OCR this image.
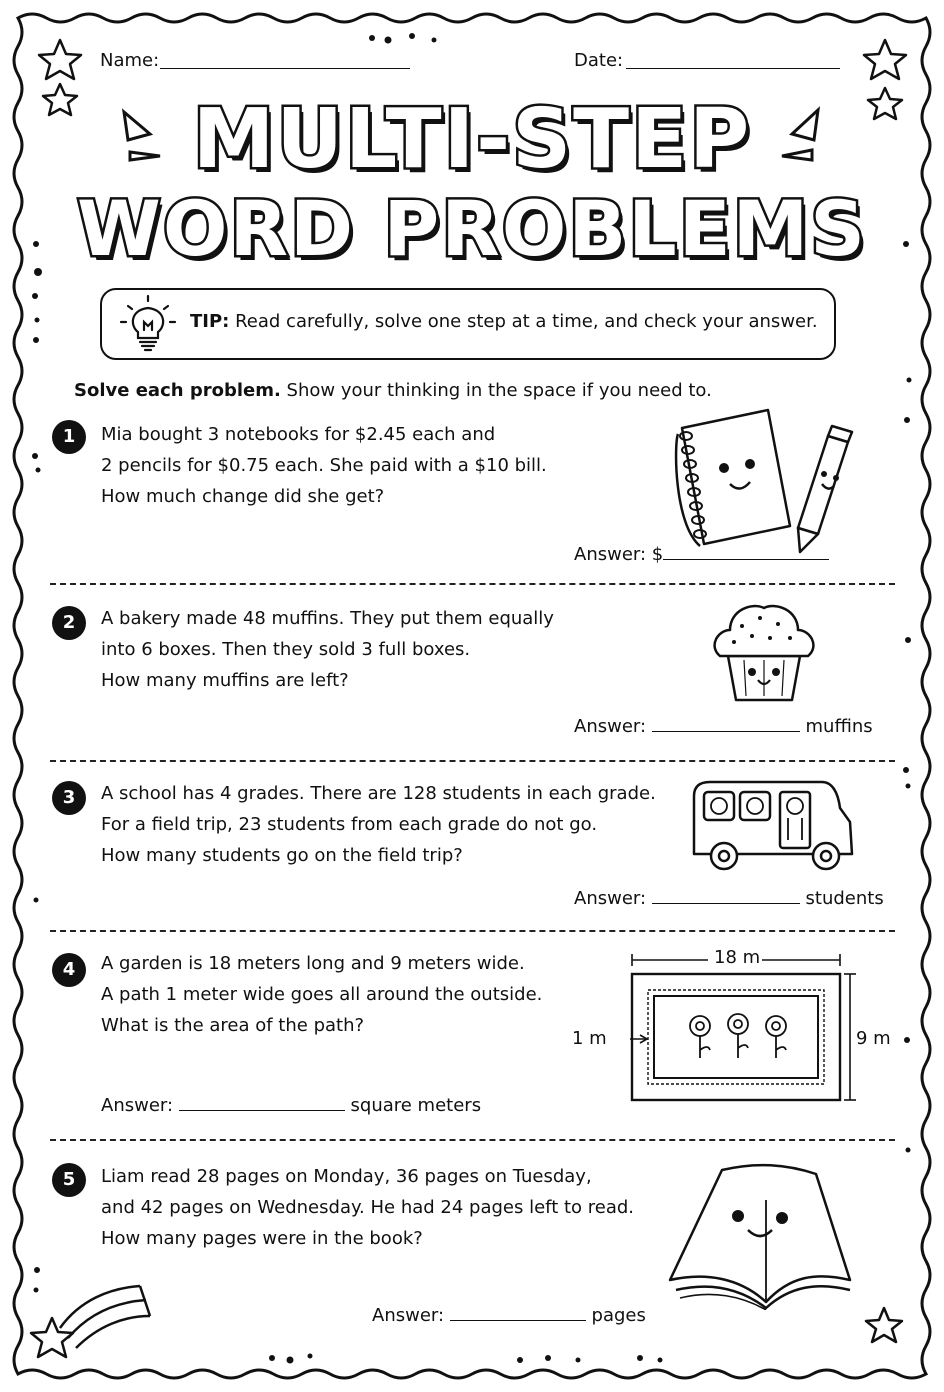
Name:	Date:
MULTI-STEP
WORD PROBLEMS
TIP: Read carefully, solve one step at a time, and check your answer.
Solve each problem. Show your thinking in the space if you need to.
1	Mia bought 3 notebooks for $2.45 each and
2 pencils for $0.75 each. She paid with a $10 bill.
How much change did she get?
Answer: $
2	A bakery made 48 muffins. They put them equally
into 6 boxes. Then they sold 3 full boxes.
How many muffins are left?
Answer:	muffins
3	A school has 4 grades. There are 128 students in each grade.
For a field trip, 23 students from each grade do not go.
How many students go on the field trip?
Answer:	students
4	A garden is 18 meters long and 9 meters wide.
A path 1 meter wide goes all around the outside.
What is the area of the path?
Answer:	square meters
18 m
9 m
1 m
5	Liam read 28 pages on Monday, 36 pages on Tuesday,
and 42 pages on Wednesday. He had 24 pages left to read.
How many pages were in the book?
Answer:	pages
